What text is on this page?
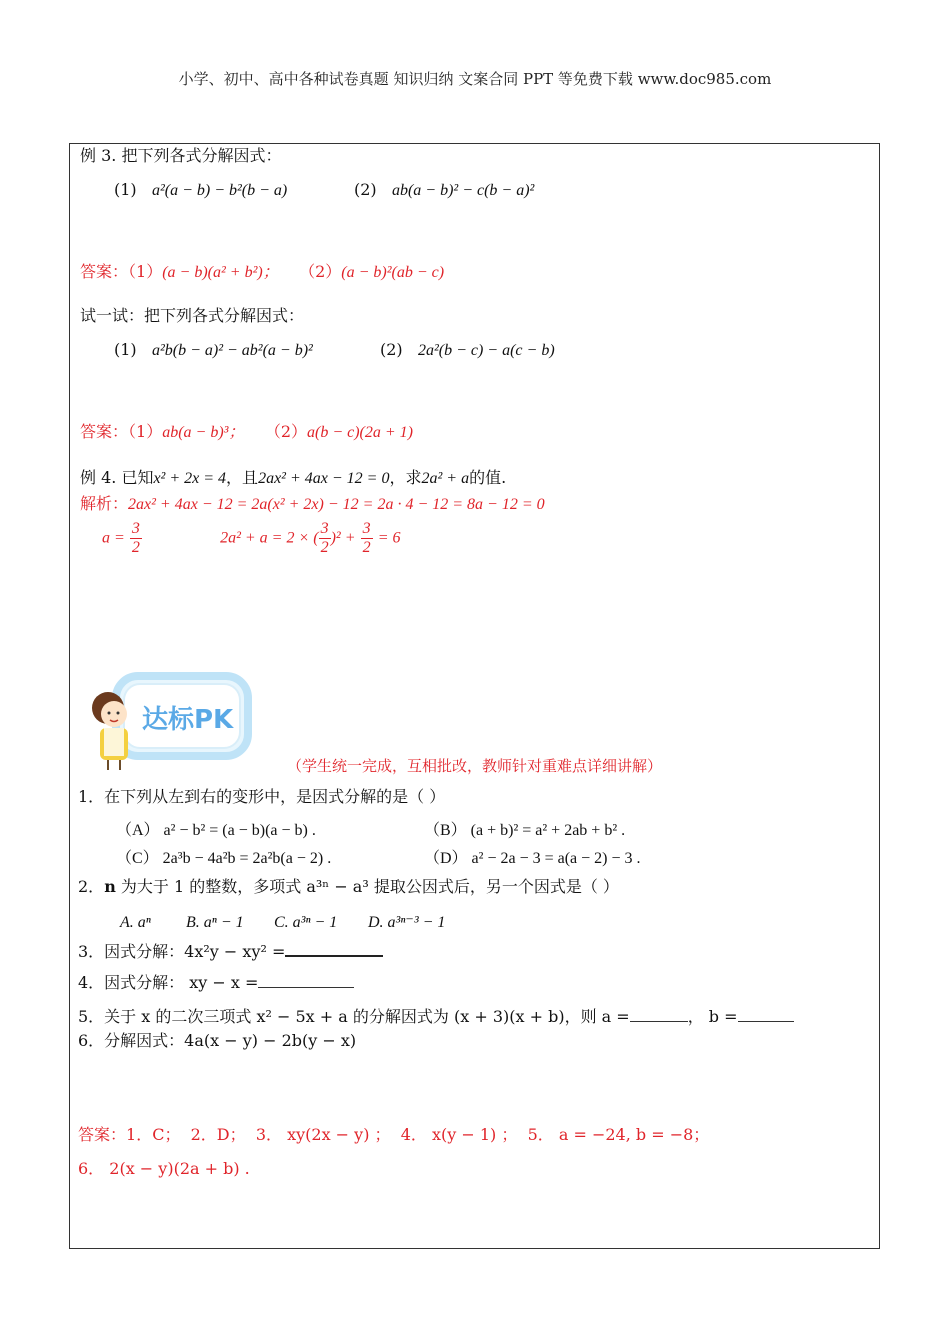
小学、初中、高中各种试卷真题 知识归纳 文案合同 PPT 等免费下载 www.doc985.com
例 3. 把下列各式分解因式：
(1) a²(a − b) − b²(b − a)	(2) ab(a − b)² − c(b − a)²
答案：（1）(a − b)(a² + b²)； （2）(a − b)²(ab − c)
试一试：把下列各式分解因式：
(1) a²b(b − a)² − ab²(a − b)²	(2) 2a²(b − c) − a(c − b)
答案：（1）ab(a − b)³； （2）a(b − c)(2a + 1)
例 4. 已知x² + 2x = 4，且2ax² + 4ax − 12 = 0，求2a² + a的值.
解析：2ax² + 4ax − 12 = 2a(x² + 2x) − 12 = 2a · 4 − 12 = 8a − 12 = 0
$a = \frac{3}{2}$	2a² + a = 2 × ( $\frac{3}{2} )^2 + \frac{3}{2} = 6$
达标PK
（学生统一完成，互相批改，教师针对重难点详细讲解）
1．在下列从左到右的变形中，是因式分解的是（ ）
（A） a² − b² = (a − b)(a − b) .	（B） (a + b)² = a² + 2ab + b² .
（C） 2a³b − 4a²b = 2a²b(a − 2) .	（D） a² − 2a − 3 = a(a − 2) − 3 .
2．n 为大于 1 的整数，多项式 a³ⁿ − a³ 提取公因式后，另一个因式是（ ）
A. aⁿ B. aⁿ − 1 C. a³ⁿ − 1 D. a³ⁿ⁻³ − 1
3．因式分解：4x²y − xy² =
4．因式分解： xy − x =
5．关于 x 的二次三项式 x² − 5x + a 的分解因式为 (x + 3)(x + b)，则 a =	， b =
6．分解因式：4a(x − y) − 2b(y − x)
答案：1．C； 2．D； 3． xy(2x − y) ； 4． x(y − 1) ； 5． a = −24, b = −8；
6． 2(x − y)(2a + b) .
